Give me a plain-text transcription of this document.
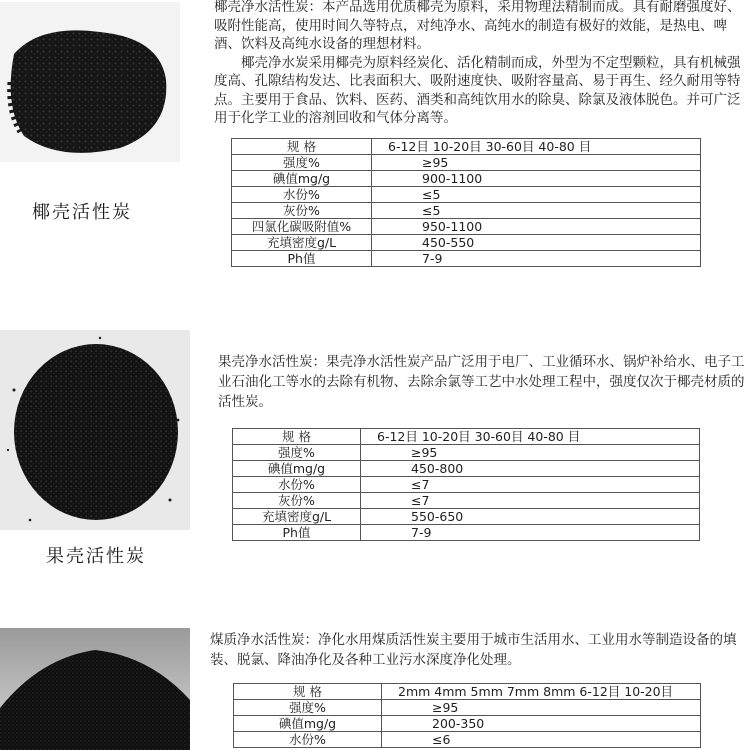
椰壳活性炭

椰壳净水活性炭：本产品选用优质椰壳为原料，采用物理法精制而成。具有耐磨强度好、吸附性能高，使用时间久等特点，对纯净水、高纯水的制造有极好的效能，是热电、啤酒、饮料及高纯水设备的理想材料。

椰壳净水炭采用椰壳为原料经炭化、活化精制而成，外型为不定型颗粒，具有机械强度高、孔隙结构发达、比表面积大、吸附速度快、吸附容量高、易于再生、经久耐用等特点。主要用于食品、饮料、医药、酒类和高纯饮用水的除臭、除氯及液体脱色。并可广泛用于化学工业的溶剂回收和气体分离等。

规 格	6-12目 10-20目 30-60目 40-80 目
强度%	≥95
碘值mg/g	900-1100
水份%	≤5
灰份%	≤5
四氯化碳吸附值%	950-1100
充填密度g/L	450-550
Ph值	7-9
果壳活性炭

果壳净水活性炭：果壳净水活性炭产品广泛用于电厂、工业循环水、锅炉补给水、电子工业石油化工等水的去除有机物、去除余氯等工艺中水处理工程中，强度仅次于椰壳材质的活性炭。

规 格	6-12目 10-20目 30-60目 40-80 目
强度%	≥95
碘值mg/g	450-800
水份%	≤7
灰份%	≤7
充填密度g/L	550-650
Ph值	7-9

煤质净水活性炭：净化水用煤质活性炭主要用于城市生活用水、工业用水等制造设备的填装、脱氯、降油净化及各种工业污水深度净化处理。

规 格	2mm 4mm 5mm 7mm 8mm 6-12目 10-20目
强度%	≥95
碘值mg/g	200-350
水份%	≤6
